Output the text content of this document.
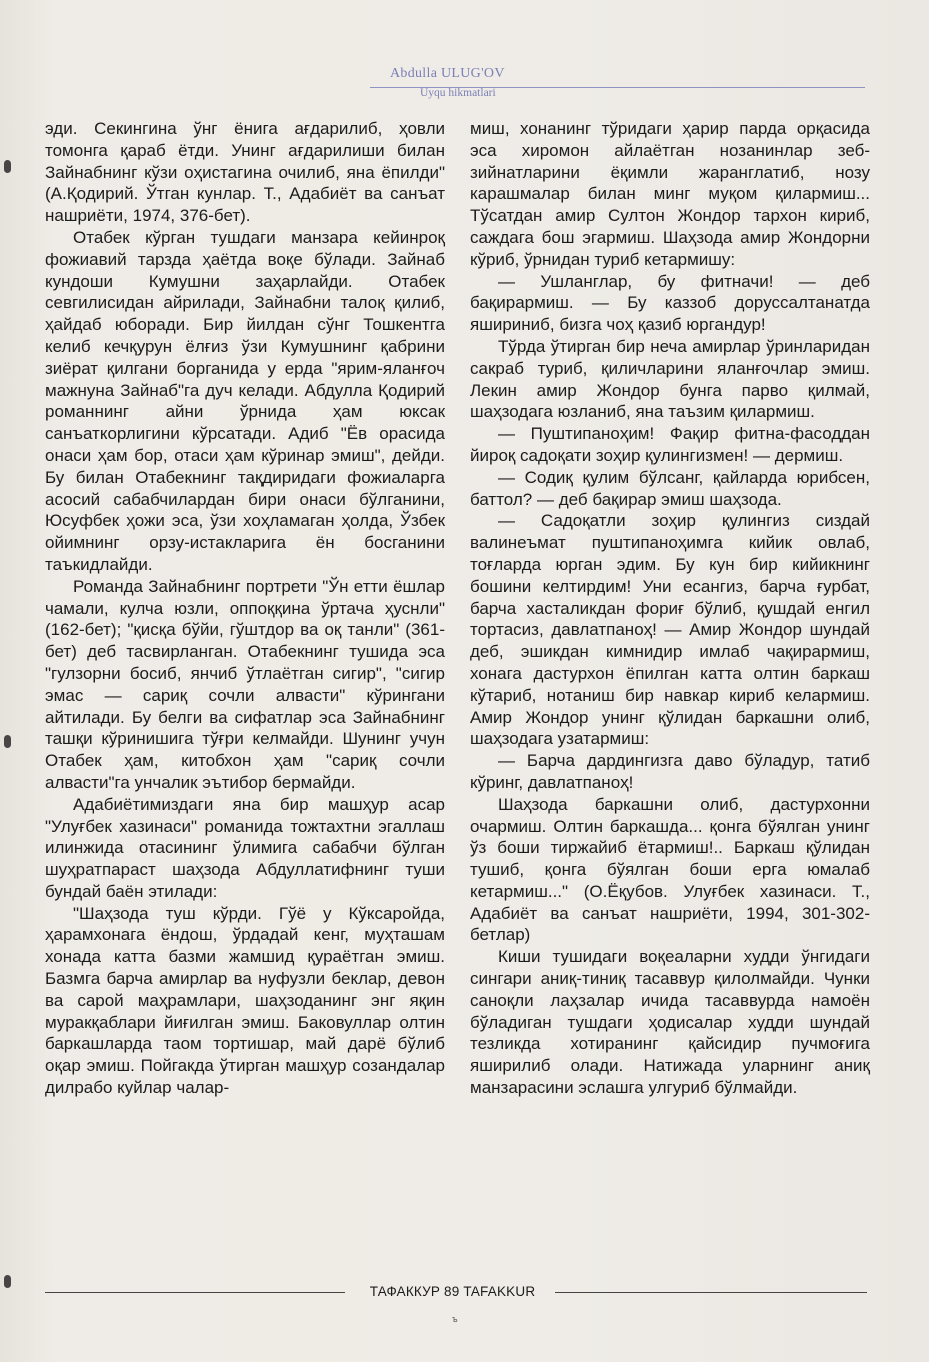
Abdulla ULUG'OV
Uyqu hikmatlari

эди. Секингина ўнг ёнига ағдарилиб, ҳовли томонга қараб ётди. Унинг ағдарилиши билан Зайнабнинг кўзи оҳистагина очилиб, яна ёпилди" (А.Қодирий. Ўтган кунлар. Т., Адабиёт ва санъат нашриёти, 1974, 376-бет).

Отабек кўрган тушдаги манзара кейинроқ фожиавий тарзда ҳаётда воқе бўлади. Зайнаб кундоши Кумушни заҳарлайди. Отабек севгилисидан айрилади, Зайнабни талоқ қилиб, ҳайдаб юборади. Бир йилдан сўнг Тошкентга келиб кечқурун ёлғиз ўзи Кумушнинг қабрини зиёрат қилгани борганида у ерда "ярим-яланғоч мажнуна Зайнаб"га дуч келади. Абдулла Қодирий романнинг айни ўрнида ҳам юксак санъаткорлигини кўрсатади. Адиб "Ёв орасида онаси ҳам бор, отаси ҳам кўринар эмиш", дейди. Бу билан Отабекнинг тақдиридаги фожиаларга асосий сабабчилардан бири онаси бўлганини, Юсуфбек ҳожи эса, ўзи хоҳламаган ҳолда, Ўзбек ойимнинг орзу-истакларига ён босганини таъкидлайди.

Романда Зайнабнинг портрети "Ўн етти ёшлар чамали, кулча юзли, оппоққина ўртача ҳуснли" (162-бет); "қисқа бўйи, гўштдор ва оқ танли" (361-бет) деб тасвирланган. Отабекнинг тушида эса "гулзорни босиб, янчиб ўтлаётган сигир", "сигир эмас — сариқ сочли алвасти" кўрингани айтилади. Бу белги ва сифатлар эса Зайнабнинг ташқи кўринишига тўғри келмайди. Шунинг учун Отабек ҳам, китобхон ҳам "сариқ сочли алвасти"га унчалик эътибор бермайди.

Адабиётимиздаги яна бир машҳур асар "Улуғбек хазинаси" романида тожтахтни эгаллаш илинжида отасининг ўлимига сабабчи бўлган шуҳратпараст шаҳзода Абдуллатифнинг туши бундай баён этилади:

"Шаҳзода туш кўрди. Гўё у Кўксаройда, ҳарамхонага ёндош, ўрдадай кенг, муҳташам хонада катта базми жамшид қураётган эмиш. Базмга барча амирлар ва нуфузли беклар, девон ва сарой маҳрамлари, шаҳзоданинг энг яқин муракқаблари йиғилган эмиш. Баковуллар олтин баркашларда таом тортишар, май дарё бўлиб оқар эмиш. Пойгакда ўтирган машҳур созандалар дилрабо куйлар чалар-

миш, хонанинг тўридаги ҳарир парда орқасида эса хиромон айлаётган нозанинлар зеб-зийнатларини ёқимли жаранглатиб, нозу карашмалар билан минг муқом қилармиш... Тўсатдан амир Султон Жондор тархон кириб, саждага бош эгармиш. Шаҳзода амир Жондорни кўриб, ўрнидан туриб кетармишу:

— Ушланглар, бу фитначи! — деб бақирармиш. — Бу каззоб доруссалтанатда яшириниб, бизга чоҳ қазиб юргандур!

Тўрда ўтирган бир неча амирлар ўринларидан сакраб туриб, қиличларини яланғочлар эмиш. Лекин амир Жондор бунга парво қилмай, шаҳзодага юзланиб, яна таъзим қилармиш.

— Пуштипаноҳим! Фақир фитна-фасоддан йироқ садоқати зоҳир қулингизмен! — дермиш.

— Содиқ қулим бўлсанг, қайларда юрибсен, баттол? — деб бақирар эмиш шаҳзода.

— Садоқатли зоҳир қулингиз сиздай валинеъмат пуштипаноҳимга кийик овлаб, тоғларда юрган эдим. Бу кун бир кийикнинг бошини келтирдим! Уни есангиз, барча ғурбат, барча хасталикдан фориғ бўлиб, қушдай енгил тортасиз, давлатпаноҳ! — Амир Жондор шундай деб, эшикдан кимнидир имлаб чақирармиш, хонага дастурхон ёпилган катта олтин баркаш кўтариб, нотаниш бир навкар кириб келармиш. Амир Жондор унинг қўлидан баркашни олиб, шаҳзодага узатармиш:

— Барча дардингизга даво бўладур, татиб кўринг, давлатпаноҳ!

Шаҳзода баркашни олиб, дастурхонни очармиш. Олтин баркашда... қонга бўялган унинг ўз боши тиржайиб ётармиш!.. Баркаш қўлидан тушиб, қонга бўялган боши ерга юмалаб кетармиш..." (О.Ёқубов. Улуғбек хазинаси. Т., Адабиёт ва санъат нашриёти, 1994, 301-302-бетлар)

Киши тушидаги воқеаларни худди ўнгидаги сингари аниқ-тиниқ тасаввур қилолмайди. Чунки саноқли лаҳзалар ичида тасаввурда намоён бўладиган тушдаги ҳодисалар худди шундай тезликда хотиранинг қайсидир пучмоғига яширилиб олади. Натижада уларнинг аниқ манзарасини эслашга улгуриб бўлмайди.

ТАФАККУР 89 TAFAKKUR
ъ
